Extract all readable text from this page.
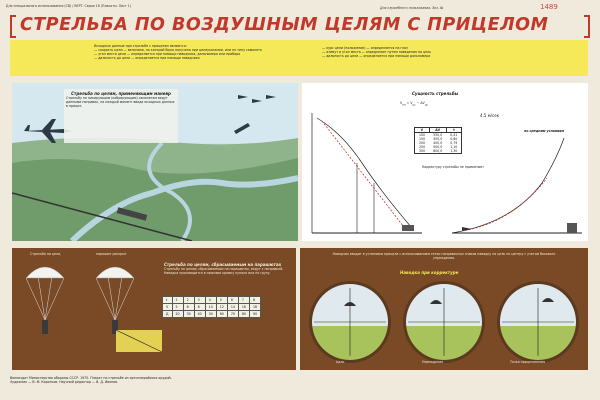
Для специального использования (СВ) / ВЕРТ. Серия 16 (Плакаты. Лист 1)	Для служебного пользования. Экз. №	1489
СТРЕЛЬБА ПО ВОЗДУШНЫМ ЦЕЛЯМ С ПРИЦЕЛОМ
Исходные данные при стрельбе с прицелом являются:
— скорость цели — величина, по которой была получена при целеуказании, или по типу самолета
— угол места цели — определяется при помощи наводчика, дальномера или прибора
— дальность до цели — определяется при помощи наводчика
— курс цели (положение) — определяется на глаз
— азимут и угол места — определяют путем наведения на цель
— дальность до цели — определяется при помощи дальномера
Стрельба по целям, применяющим маневр
Стрельбу по пикирующим (кабрирующим) самолетам ведут данными поправок, на каждый момент ввода исходных данных в прицел.
Сущность стрельбы
$V_{уп} = V_{цс} - \Delta V_{цс}$
4,5 м/сек
V	ΔV	t
100	350,0	0,41
150	300,0	0,60
200	400,0	0,79
250	500,0	1,10
300	600,0	1,30
по средним условиям
Корректуру стрельбы не применяют
Стрельба по цели,	парашют раскрыт
Стрельба по целям, сбрасываемым на парашютах
Стрельбу по целям, сбрасываемым на парашютах, ведут с поправкой. Наводка производится в нижнюю кромку купола или по грузу.
t	1	2	3	4	5	6	7	8
V	5	6	8	10	12	14	16	18
Д	20	30	40	50	60	70	80	90
Наводчик вводит в установки прицела с использованием сетки поправочных знаков наводку на цель по центру с учетом бокового упреждения.
Наводка при корректуре
Цель	Упреждение	Точка прицеливания
Воениздат Министерства обороны СССР. 1975. Плакат по стрельбе из артиллерийских орудий.
Художник — В. М. Коротков. Научный редактор — В. Д. Иванов.
